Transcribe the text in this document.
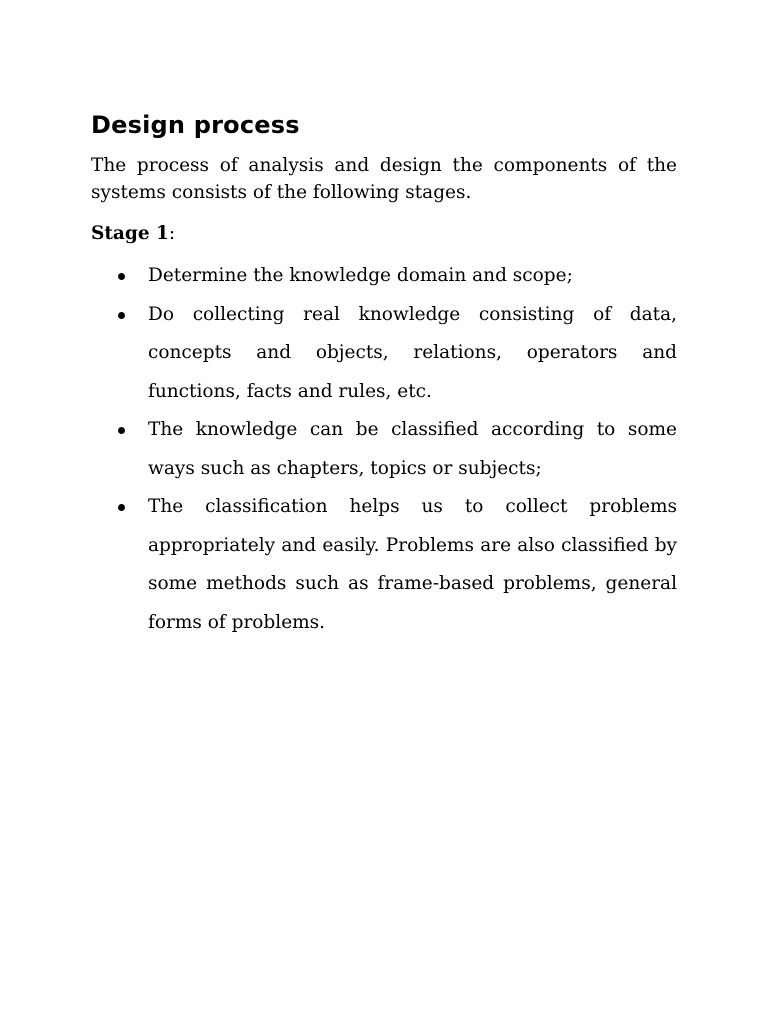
Design process

The process of analysis and design the components of the systems consists of the following stages.

Stage 1:

Determine the knowledge domain and scope;
Do collecting real knowledge consisting of data, concepts and objects, relations, operators and functions, facts and rules, etc.
The knowledge can be classified according to some ways such as chapters, topics or subjects;
The classification helps us to collect problems appropriately and easily. Problems are also classified by some methods such as frame-based problems, general forms of problems.
